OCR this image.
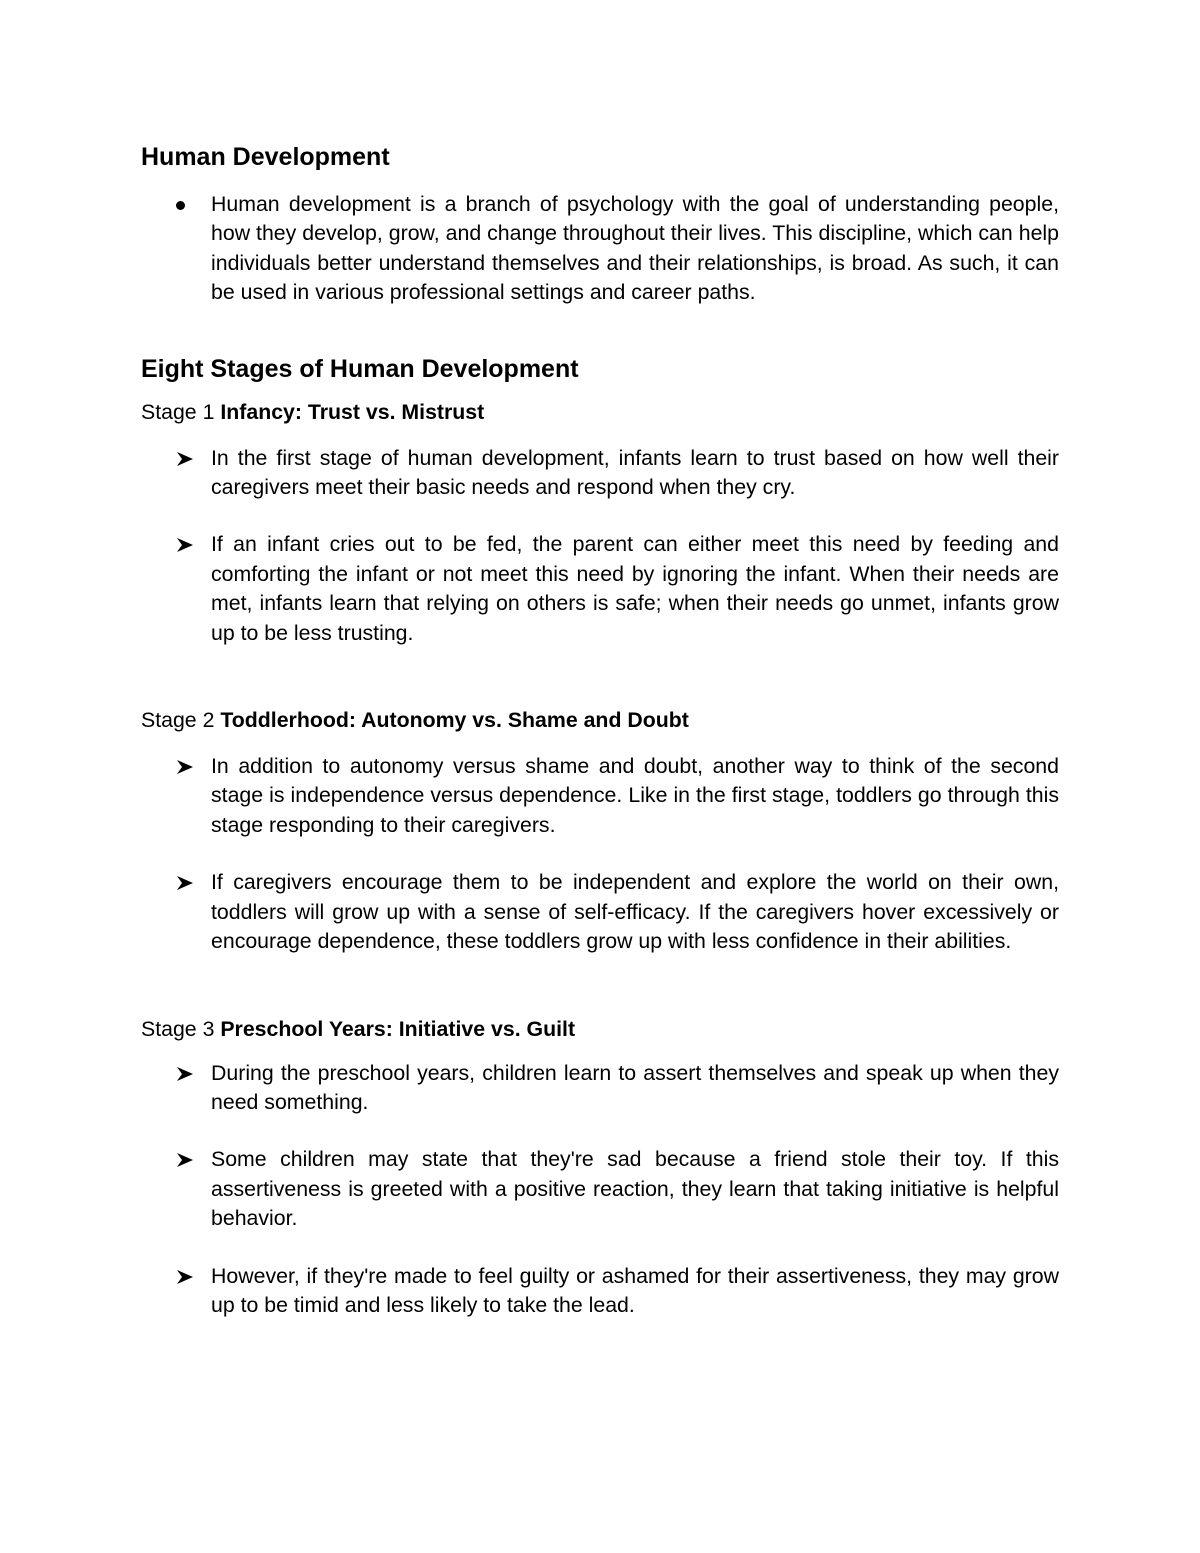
Human Development
Human development is a branch of psychology with the goal of understanding people, how they develop, grow, and change throughout their lives. This discipline, which can help individuals better understand themselves and their relationships, is broad. As such, it can be used in various professional settings and career paths.
Eight Stages of Human Development

Stage 1 Infancy: Trust vs. Mistrust

In the first stage of human development, infants learn to trust based on how well their caregivers meet their basic needs and respond when they cry.
If an infant cries out to be fed, the parent can either meet this need by feeding and comforting the infant or not meet this need by ignoring the infant. When their needs are met, infants learn that relying on others is safe; when their needs go unmet, infants grow up to be less trusting.

Stage 2 Toddlerhood: Autonomy vs. Shame and Doubt

In addition to autonomy versus shame and doubt, another way to think of the second stage is independence versus dependence. Like in the first stage, toddlers go through this stage responding to their caregivers.
If caregivers encourage them to be independent and explore the world on their own, toddlers will grow up with a sense of self-efficacy. If the caregivers hover excessively or encourage dependence, these toddlers grow up with less confidence in their abilities.

Stage 3 Preschool Years: Initiative vs. Guilt

During the preschool years, children learn to assert themselves and speak up when they need something.
Some children may state that they're sad because a friend stole their toy. If this assertiveness is greeted with a positive reaction, they learn that taking initiative is helpful behavior.
However, if they're made to feel guilty or ashamed for their assertiveness, they may grow up to be timid and less likely to take the lead.
